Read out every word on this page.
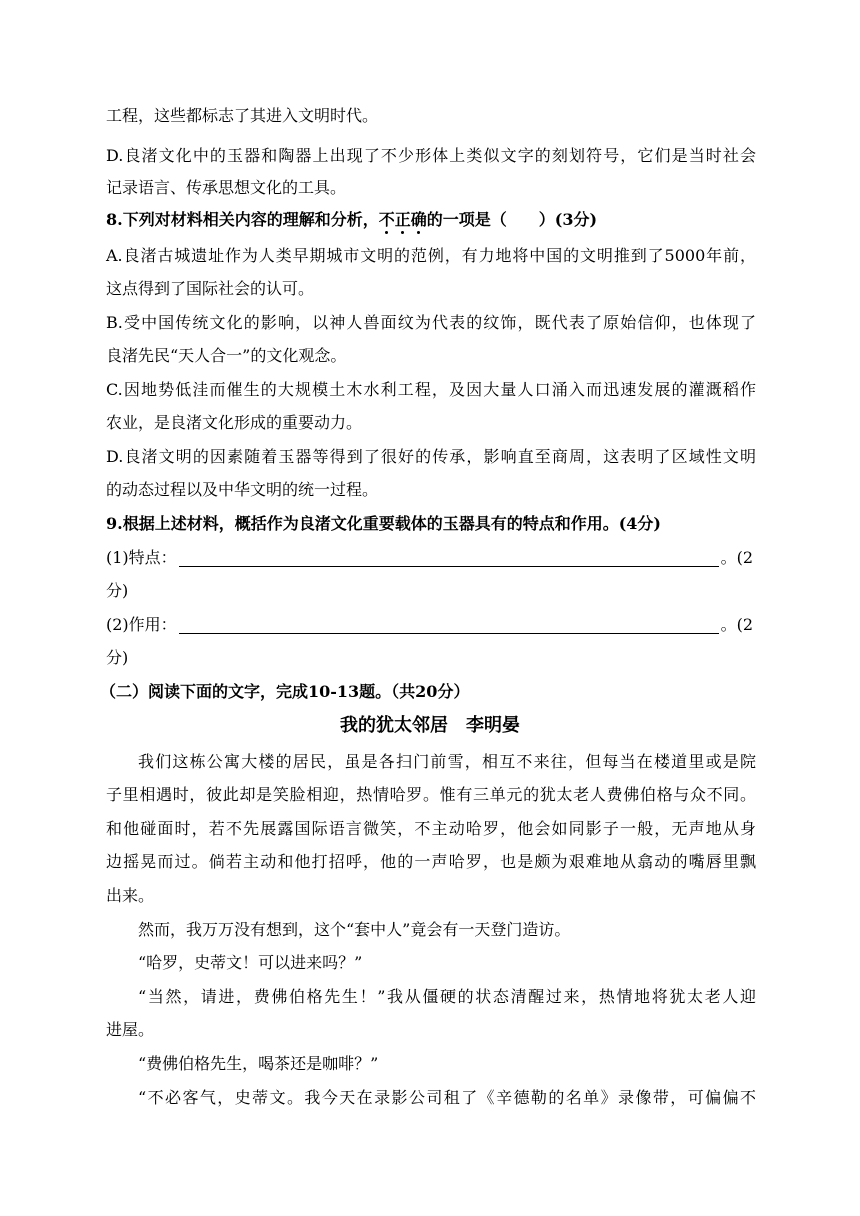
工程，这些都标志了其进入文明时代。
D.良渚文化中的玉器和陶器上出现了不少形体上类似文字的刻划符号，它们是当时社会
记录语言、传承思想文化的工具。
8.下列对材料相关内容的理解和分析，不正确的一项是（　　）(3分)
A.良渚古城遗址作为人类早期城市文明的范例，有力地将中国的文明推到了5000年前，
这点得到了国际社会的认可。
B.受中国传统文化的影响，以神人兽面纹为代表的纹饰，既代表了原始信仰，也体现了
良渚先民“天人合一”的文化观念。
C.因地势低洼而催生的大规模土木水利工程，及因大量人口涌入而迅速发展的灌溉稻作
农业，是良渚文化形成的重要动力。
D.良渚文明的因素随着玉器等得到了很好的传承，影响直至商周，这表明了区域性文明
的动态过程以及中华文明的统一过程。
9.根据上述材料，概括作为良渚文化重要载体的玉器具有的特点和作用。(4分)
(1)特点：	。(2
分)
(2)作用：	。(2
分)
（二）阅读下面的文字，完成10-13题。（共20分）
我的犹太邻居　李明晏
我们这栋公寓大楼的居民，虽是各扫门前雪，相互不来往，但每当在楼道里或是院
子里相遇时，彼此却是笑脸相迎，热情哈罗。惟有三单元的犹太老人费佛伯格与众不同。
和他碰面时，若不先展露国际语言微笑，不主动哈罗，他会如同影子一般，无声地从身
边摇晃而过。倘若主动和他打招呼，他的一声哈罗，也是颇为艰难地从翕动的嘴唇里飘
出来。
然而，我万万没有想到，这个“套中人”竟会有一天登门造访。
“哈罗，史蒂文！可以进来吗？”
“当然，请进，费佛伯格先生！”我从僵硬的状态清醒过来，热情地将犹太老人迎
进屋。
“费佛伯格先生，喝茶还是咖啡？”
“不必客气，史蒂文。我今天在录影公司租了《辛德勒的名单》录像带，可偏偏不
